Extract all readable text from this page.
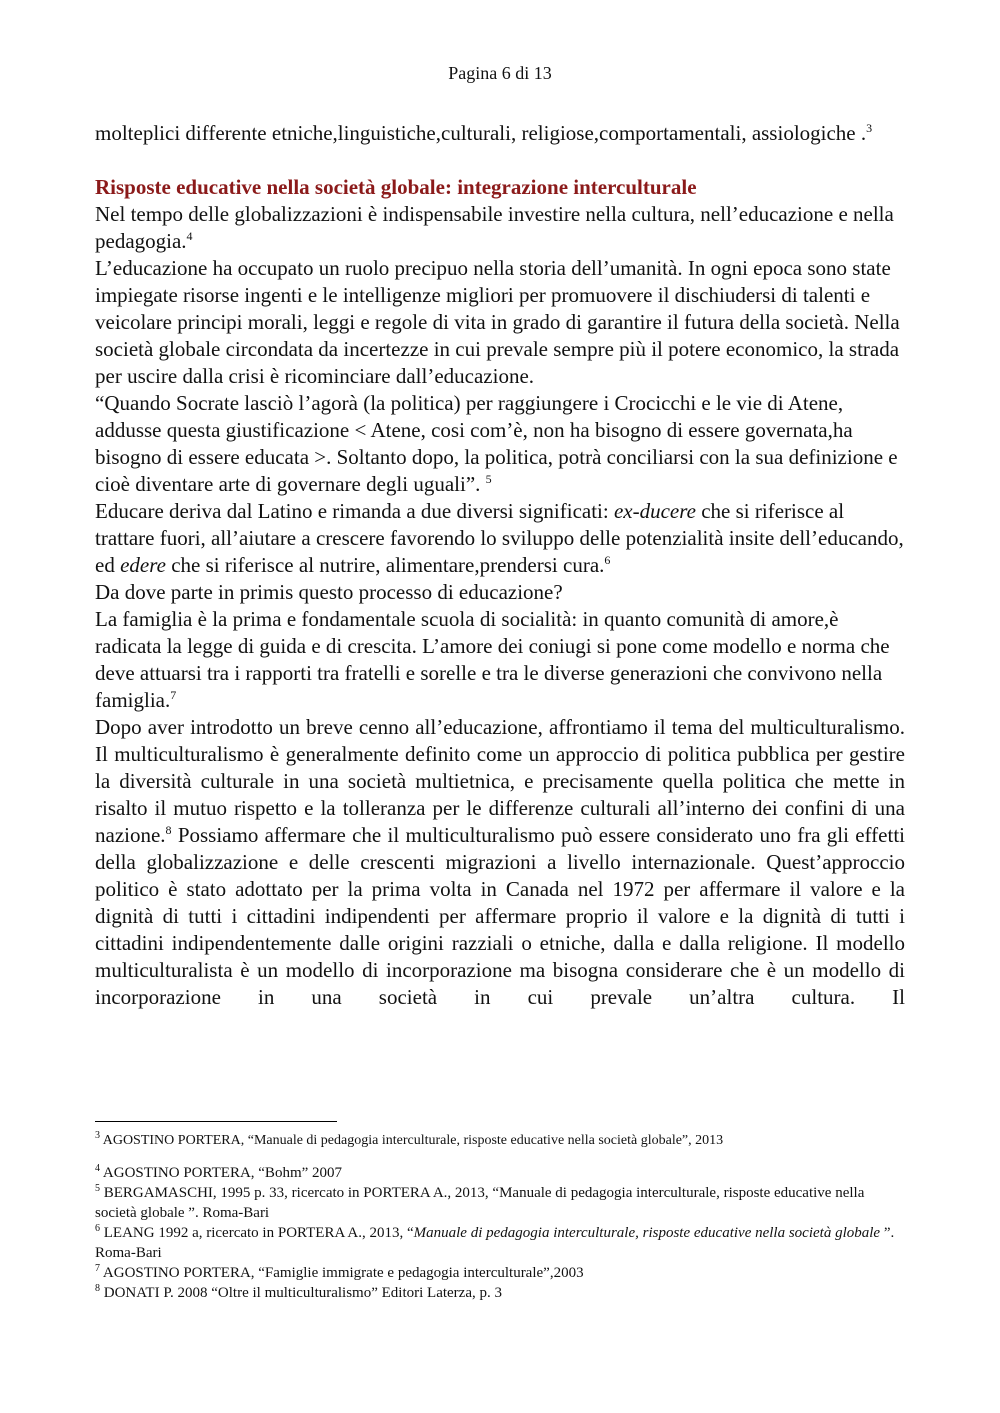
Pagina 6 di 13

molteplici differente etniche,linguistiche,culturali, religiose,comportamentali, assiologiche .$^3$

Risposte educative nella società globale: integrazione interculturale

Nel tempo delle globalizzazioni è indispensabile investire nella cultura, nell’educazione e nella pedagogia.$^4$

L’educazione ha occupato un ruolo precipuo nella storia dell’umanità. In ogni epoca sono state impiegate risorse ingenti e le intelligenze migliori per promuovere il dischiudersi di talenti e veicolare principi morali, leggi e regole di vita in grado di garantire il futura della società. Nella società globale circondata da incertezze in cui prevale sempre più il potere economico, la strada per uscire dalla crisi è ricominciare dall’educazione.

“Quando Socrate lasciò l’agorà (la politica) per raggiungere i Crocicchi e le vie di Atene, addusse questa giustificazione < Atene, cosi com’è, non ha bisogno di essere governata,ha bisogno di essere educata >. Soltanto dopo, la politica, potrà conciliarsi con la sua definizione e cioè diventare arte di governare degli uguali”. $^5$

Educare deriva dal Latino e rimanda a due diversi significati: ex-ducere che si riferisce al trattare fuori, all’aiutare a crescere favorendo lo sviluppo delle potenzialità insite dell’educando, ed edere che si riferisce al nutrire, alimentare,prendersi cura.$^6$

Da dove parte in primis questo processo di educazione?

La famiglia è la prima e fondamentale scuola di socialità: in quanto comunità di amore,è radicata la legge di guida e di crescita. L’amore dei coniugi si pone come modello e norma che deve attuarsi tra i rapporti tra fratelli e sorelle e tra le diverse generazioni che convivono nella famiglia.$^7$

Dopo aver introdotto un breve cenno all’educazione, affrontiamo il tema del multiculturalismo. Il multiculturalismo è generalmente definito come un approccio di politica pubblica per gestire la diversità culturale in una società multietnica, e precisamente quella politica che mette in risalto il mutuo rispetto e la tolleranza per le differenze culturali all’interno dei confini di una nazione.$^8$ Possiamo affermare che il multiculturalismo può essere considerato uno fra gli effetti della globalizzazione e delle crescenti migrazioni a livello internazionale. Quest’approccio politico è stato adottato per la prima volta in Canada nel 1972 per affermare il valore e la dignità di tutti i cittadini indipendenti per affermare proprio il valore e la dignità di tutti i cittadini indipendentemente dalle origini razziali o etniche, dalla e dalla religione. Il modello multiculturalista è un modello di incorporazione ma bisogna considerare che è un modello di incorporazione in una società in cui prevale un’altra cultura. Il

$^3$ AGOSTINO PORTERA, “Manuale di pedagogia interculturale, risposte educative nella società globale”, 2013

$^4$ AGOSTINO PORTERA, “Bohm” 2007

$^5$ BERGAMASCHI, 1995 p. 33, ricercato in PORTERA A., 2013, “Manuale di pedagogia interculturale, risposte educative nella società globale ”. Roma-Bari

$^6$ LEANG 1992 a, ricercato in PORTERA A., 2013, “Manuale di pedagogia interculturale, risposte educative nella società globale ”. Roma-Bari

$^7$ AGOSTINO PORTERA, “Famiglie immigrate e pedagogia interculturale”,2003

$^8$ DONATI P. 2008 “Oltre il multiculturalismo” Editori Laterza, p. 3
